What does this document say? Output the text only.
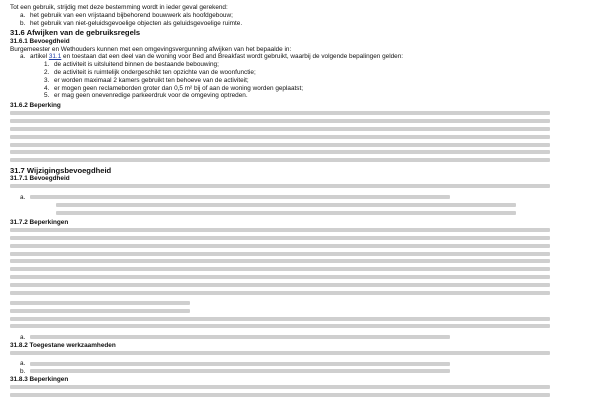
Tot een gebruik, strijdig met deze bestemming wordt in ieder geval gerekend:
a. het gebruik van een vrijstaand bijbehorend bouwwerk als hoofdgebouw;
b. het gebruik van niet-geluidsgevoelige objecten als geluidsgevoelige ruimte.
31.6 Afwijken van de gebruiksregels
31.6.1 Bevoegdheid
Burgemeester en Wethouders kunnen met een omgevingsvergunning afwijken van het bepaalde in:
a. artikel 31.1 en toestaan dat een deel van de woning voor Bed and Breakfast wordt gebruikt, waarbij de volgende bepalingen gelden:
1. de activiteit is uitsluitend binnen de bestaande bebouwing;
2. de activiteit is ruimtelijk ondergeschikt ten opzichte van de woonfunctie;
3. er worden maximaal 2 kamers gebruikt ten behoeve van de activiteit;
4. er mogen geen reclameborden groter dan 0,5 m² bij of aan de woning worden geplaatst;
5. er mag geen onevenredige parkeerdruk voor de omgeving optreden.
31.6.2 Beperking
31.7 Wijzigingsbevoegdheid
31.7.1 Bevoegdheid
a.
31.7.2 Beperkingen
a.
31.8.2 Toegestane werkzaamheden
a.
b.
31.8.3 Beperkingen
